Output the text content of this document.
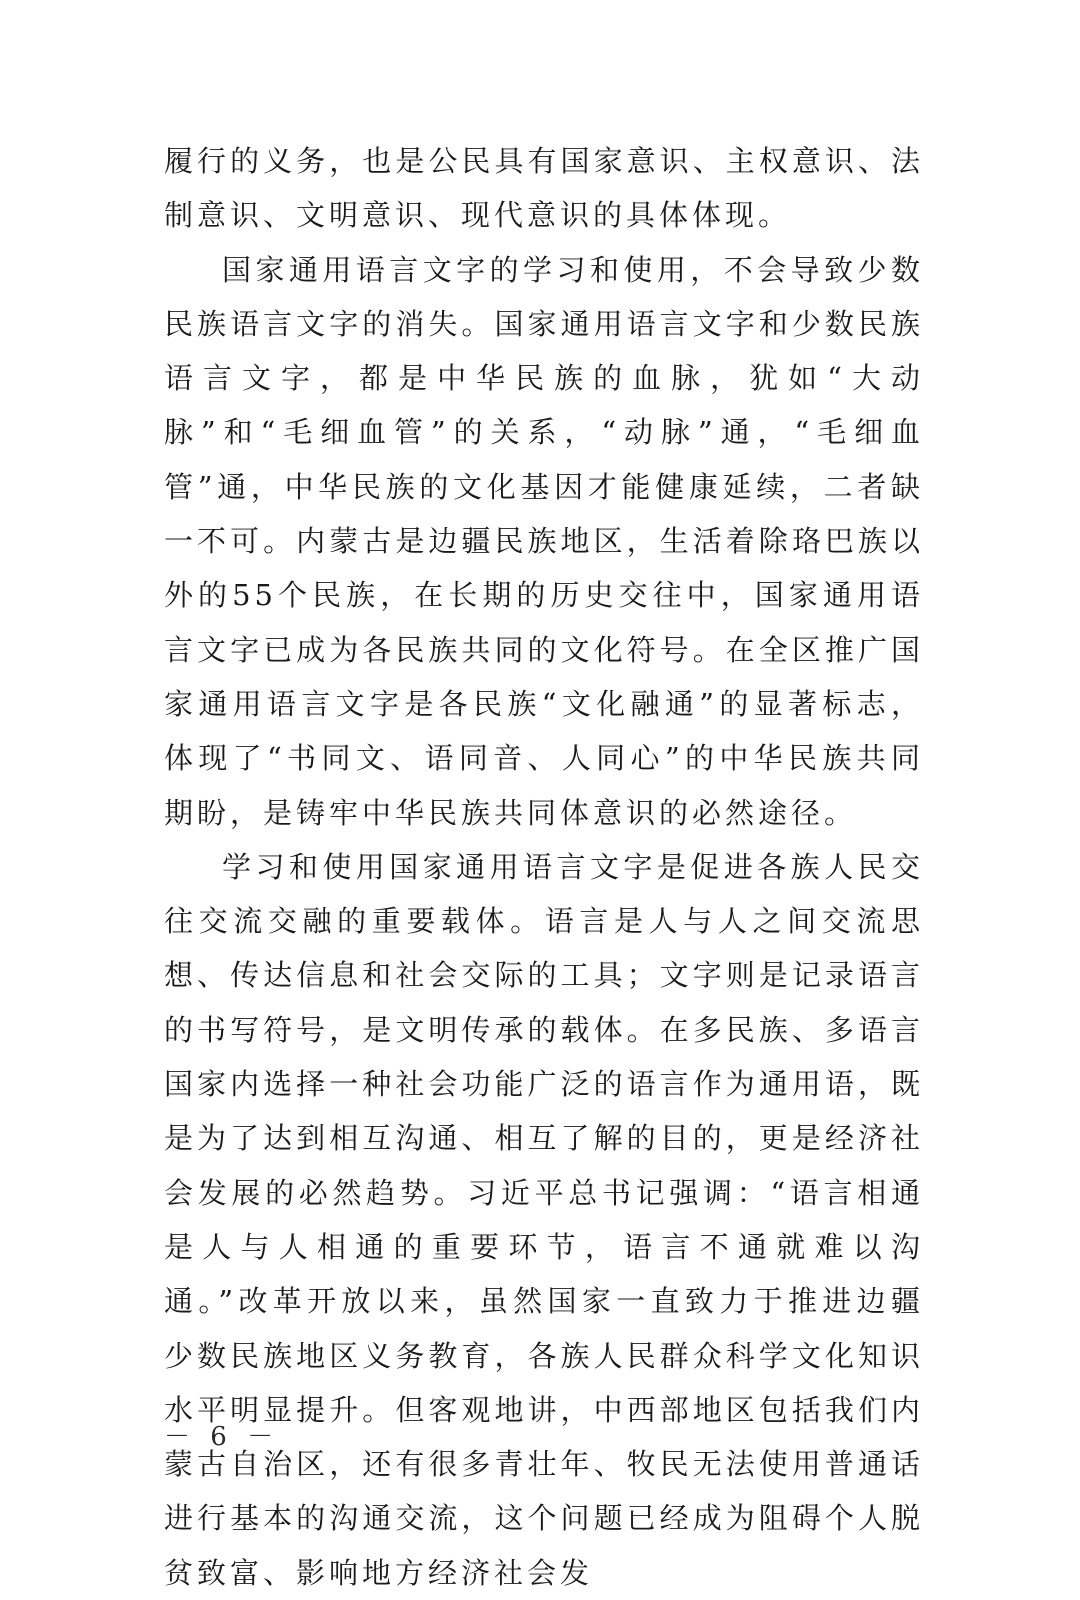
履行的义务，也是公民具有国家意识、主权意识、法制意识、文明意识、现代意识的具体体现。

国家通用语言文字的学习和使用，不会导致少数民族语言文字的消失。国家通用语言文字和少数民族语言文字，都是中华民族的血脉，犹如“大动脉”和“毛细血管”的关系，“动脉”通，“毛细血管”通，中华民族的文化基因才能健康延续，二者缺一不可。内蒙古是边疆民族地区，生活着除珞巴族以外的55个民族，在长期的历史交往中，国家通用语言文字已成为各民族共同的文化符号。在全区推广国家通用语言文字是各民族“文化融通”的显著标志，体现了“书同文、语同音、人同心”的中华民族共同期盼，是铸牢中华民族共同体意识的必然途径。

学习和使用国家通用语言文字是促进各族人民交往交流交融的重要载体。语言是人与人之间交流思想、传达信息和社会交际的工具；文字则是记录语言的书写符号，是文明传承的载体。在多民族、多语言国家内选择一种社会功能广泛的语言作为通用语，既是为了达到相互沟通、相互了解的目的，更是经济社会发展的必然趋势。习近平总书记强调：“语言相通是人与人相通的重要环节，语言不通就难以沟通。”改革开放以来，虽然国家一直致力于推进边疆少数民族地区义务教育，各族人民群众科学文化知识水平明显提升。但客观地讲，中西部地区包括我们内蒙古自治区，还有很多青壮年、牧民无法使用普通话进行基本的沟通交流，这个问题已经成为阻碍个人脱贫致富、影响地方经济社会发

－ 6 －
